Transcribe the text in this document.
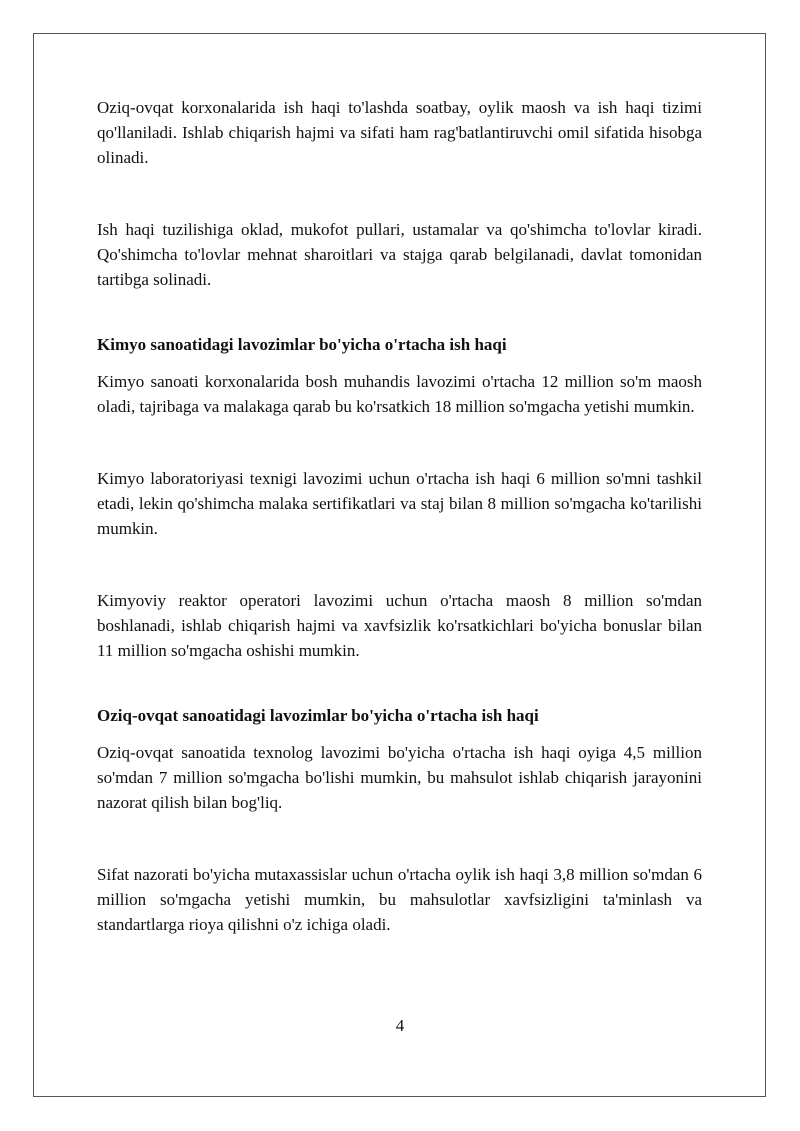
Oziq-ovqat korxonalarida ish haqi to'lashda soatbay, oylik maosh va ish haqi tizimi qo'llaniladi. Ishlab chiqarish hajmi va sifati ham rag'batlantiruvchi omil sifatida hisobga olinadi.

Ish haqi tuzilishiga oklad, mukofot pullari, ustamalar va qo'shimcha to'lovlar kiradi. Qo'shimcha to'lovlar mehnat sharoitlari va stajga qarab belgilanadi, davlat tomonidan tartibga solinadi.

Kimyo sanoatidagi lavozimlar bo'yicha o'rtacha ish haqi

Kimyo sanoati korxonalarida bosh muhandis lavozimi o'rtacha 12 million so'm maosh oladi, tajribaga va malakaga qarab bu ko'rsatkich 18 million so'mgacha yetishi mumkin.

Kimyo laboratoriyasi texnigi lavozimi uchun o'rtacha ish haqi 6 million so'mni tashkil etadi, lekin qo'shimcha malaka sertifikatlari va staj bilan 8 million so'mgacha ko'tarilishi mumkin.

Kimyoviy reaktor operatori lavozimi uchun o'rtacha maosh 8 million so'mdan boshlanadi, ishlab chiqarish hajmi va xavfsizlik ko'rsatkichlari bo'yicha bonuslar bilan 11 million so'mgacha oshishi mumkin.

Oziq-ovqat sanoatidagi lavozimlar bo'yicha o'rtacha ish haqi

Oziq-ovqat sanoatida texnolog lavozimi bo'yicha o'rtacha ish haqi oyiga 4,5 million so'mdan 7 million so'mgacha bo'lishi mumkin, bu mahsulot ishlab chiqarish jarayonini nazorat qilish bilan bog'liq.

Sifat nazorati bo'yicha mutaxassislar uchun o'rtacha oylik ish haqi 3,8 million so'mdan 6 million so'mgacha yetishi mumkin, bu mahsulotlar xavfsizligini ta'minlash va standartlarga rioya qilishni o'z ichiga oladi.

4
